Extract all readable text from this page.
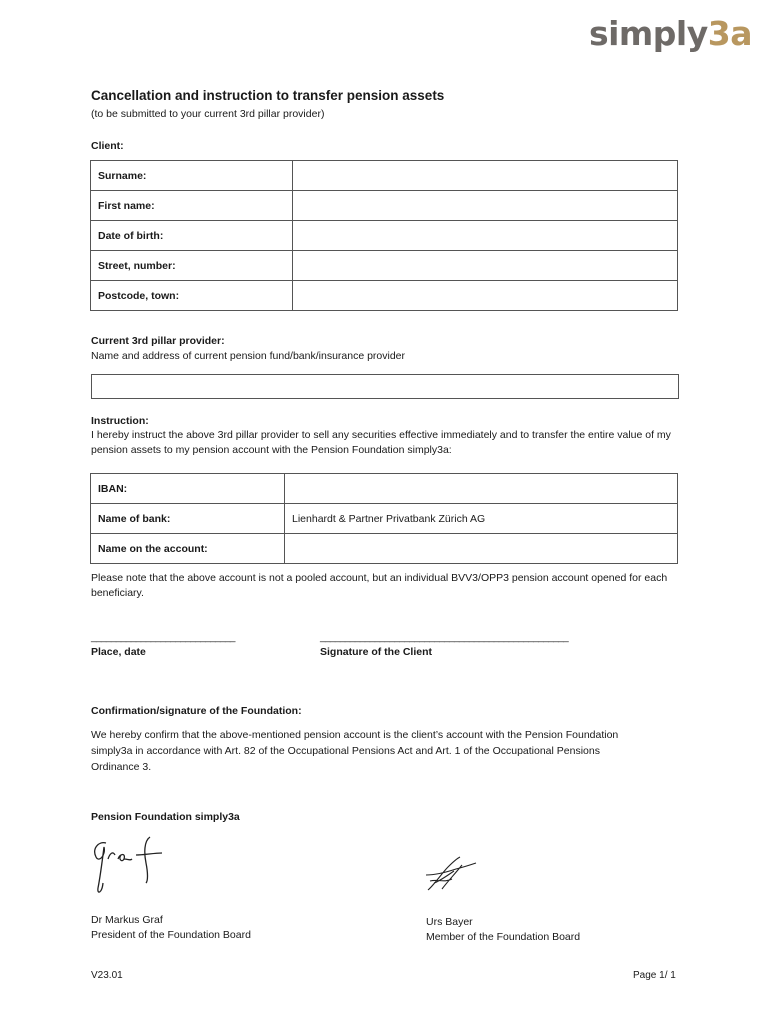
simply3a
Cancellation and instruction to transfer pension assets
(to be submitted to your current 3rd pillar provider)
Client:
Surname:	
First name:	
Date of birth:	
Street, number:	
Postcode, town:	
Current 3rd pillar provider:
Name and address of current pension fund/bank/insurance provider
Instruction:
I hereby instruct the above 3rd pillar provider to sell any securities effective immediately and to transfer the entire value of my pension assets to my pension account with the Pension Foundation simply3a:
IBAN:	
Name of bank:	Lienhardt & Partner Privatbank Zürich AG
Name on the account:	
Please note that the above account is not a pooled account, but an individual BVV3/OPP3 pension account opened for each beneficiary.
_____________________________
Place, date
__________________________________________________
Signature of the Client
Confirmation/signature of the Foundation:
We hereby confirm that the above-mentioned pension account is the client’s account with the Pension Foundation simply3a in accordance with Art. 82 of the Occupational Pensions Act and Art. 1 of the Occupational Pensions Ordinance 3.
Pension Foundation simply3a
Dr Markus Graf
President of the Foundation Board
Urs Bayer
Member of the Foundation Board
V23.01	Page 1/ 1
